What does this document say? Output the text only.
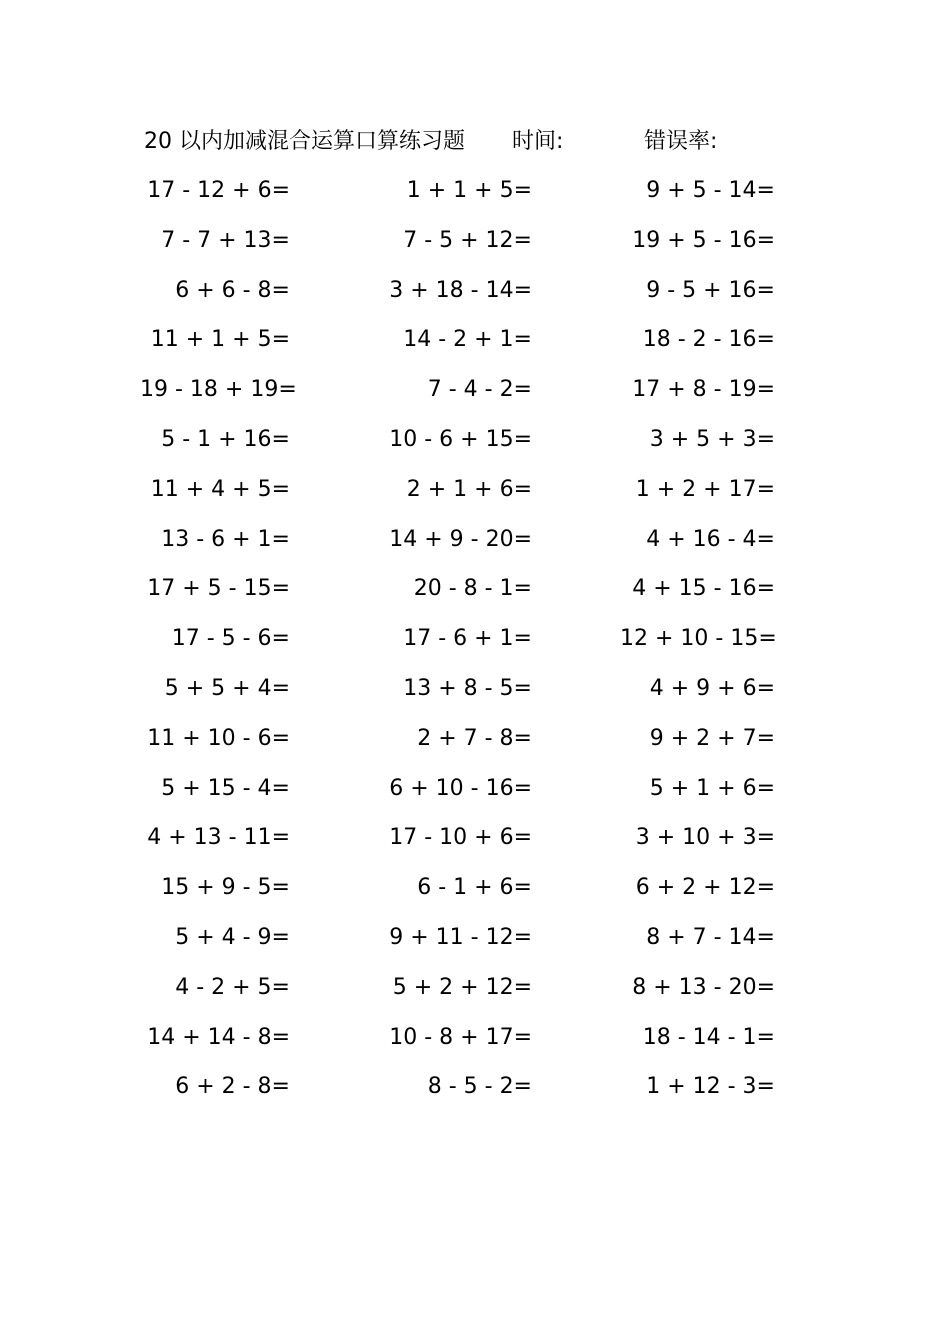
20 以内加减混合运算口算练习题 时间:	错误率:
17 - 12 + 6=	1 + 1 + 5=	9 + 5 - 14=
7 - 7 + 13=	7 - 5 + 12=	19 + 5 - 16=
6 + 6 - 8=	3 + 18 - 14=	9 - 5 + 16=
11 + 1 + 5=	14 - 2 + 1=	18 - 2 - 16=
19 - 18 + 19=	7 - 4 - 2=	17 + 8 - 19=
5 - 1 + 16=	10 - 6 + 15=	3 + 5 + 3=
11 + 4 + 5=	2 + 1 + 6=	1 + 2 + 17=
13 - 6 + 1=	14 + 9 - 20=	4 + 16 - 4=
17 + 5 - 15=	20 - 8 - 1=	4 + 15 - 16=
17 - 5 - 6=	17 - 6 + 1=	12 + 10 - 15=
5 + 5 + 4=	13 + 8 - 5=	4 + 9 + 6=
11 + 10 - 6=	2 + 7 - 8=	9 + 2 + 7=
5 + 15 - 4=	6 + 10 - 16=	5 + 1 + 6=
4 + 13 - 11=	17 - 10 + 6=	3 + 10 + 3=
15 + 9 - 5=	6 - 1 + 6=	6 + 2 + 12=
5 + 4 - 9=	9 + 11 - 12=	8 + 7 - 14=
4 - 2 + 5=	5 + 2 + 12=	8 + 13 - 20=
14 + 14 - 8=	10 - 8 + 17=	18 - 14 - 1=
6 + 2 - 8=	8 - 5 - 2=	1 + 12 - 3=
